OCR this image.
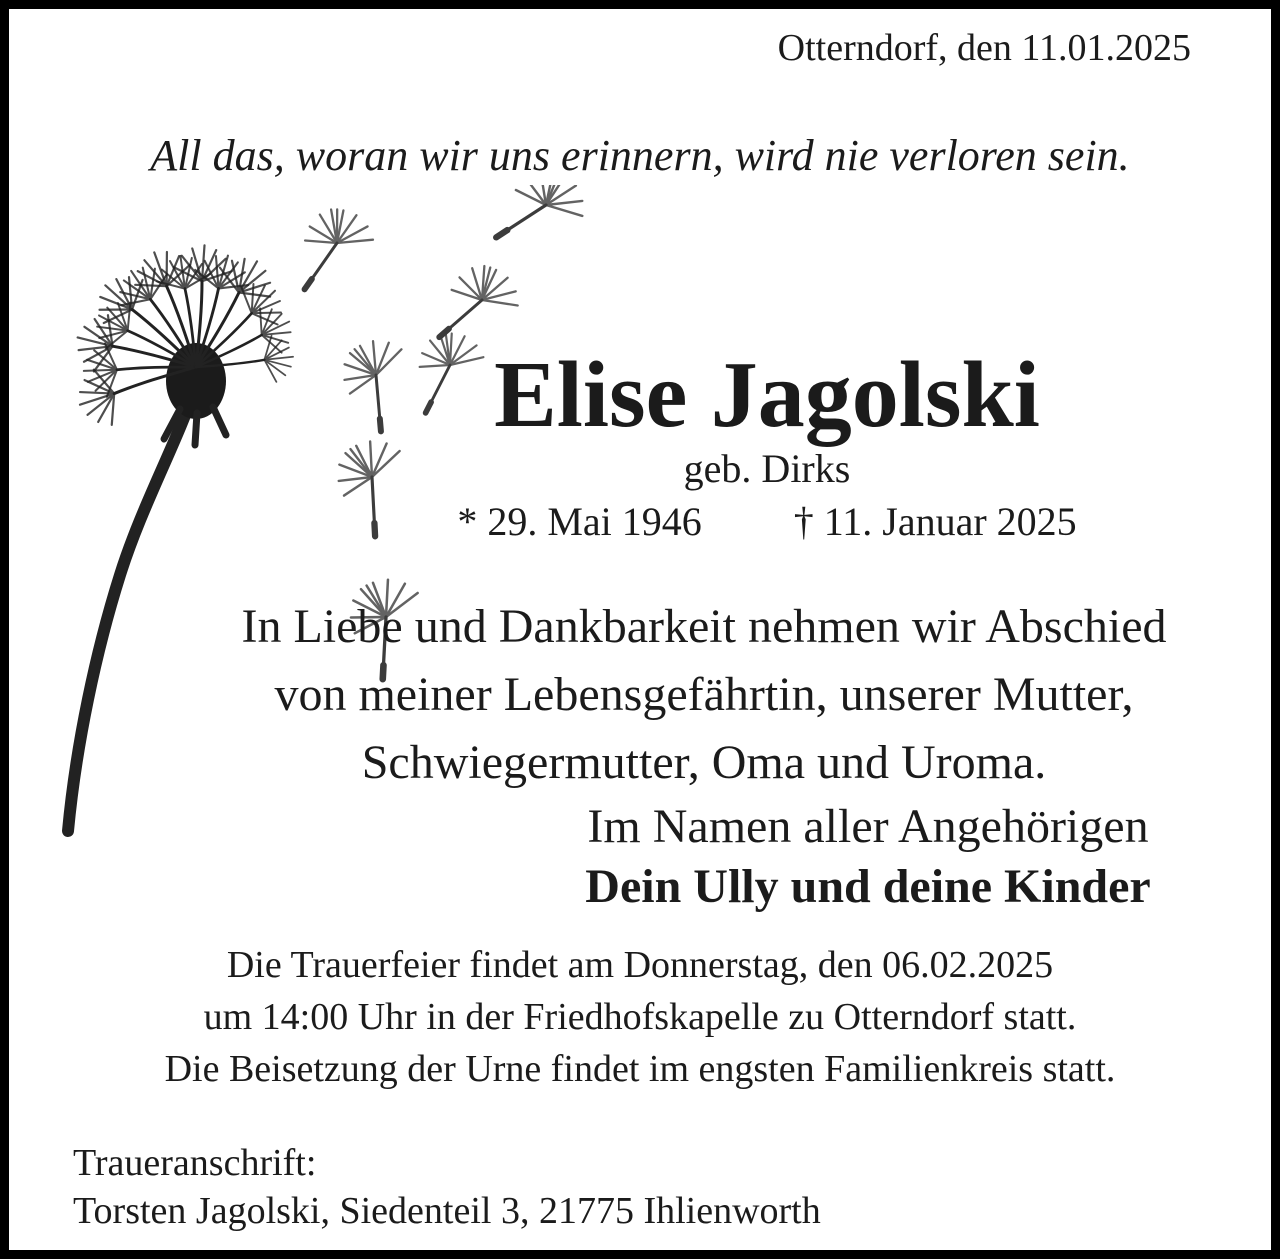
Otterndorf, den 11.01.2025
All das, woran wir uns erinnern, wird nie verloren sein.
Elise Jagolski
geb. Dirks
* 29. Mai 1946 † 11. Januar 2025
In Liebe und Dankbarkeit nehmen wir Abschied
von meiner Lebensgefährtin, unserer Mutter,
Schwiegermutter, Oma und Uroma.
Im Namen aller Angehörigen
Dein Ully und deine Kinder
Die Trauerfeier findet am Donnerstag, den 06.02.2025
um 14:00 Uhr in der Friedhofskapelle zu Otterndorf statt.
Die Beisetzung der Urne findet im engsten Familienkreis statt.
Traueranschrift:
Torsten Jagolski, Siedenteil 3, 21775 Ihlienworth
